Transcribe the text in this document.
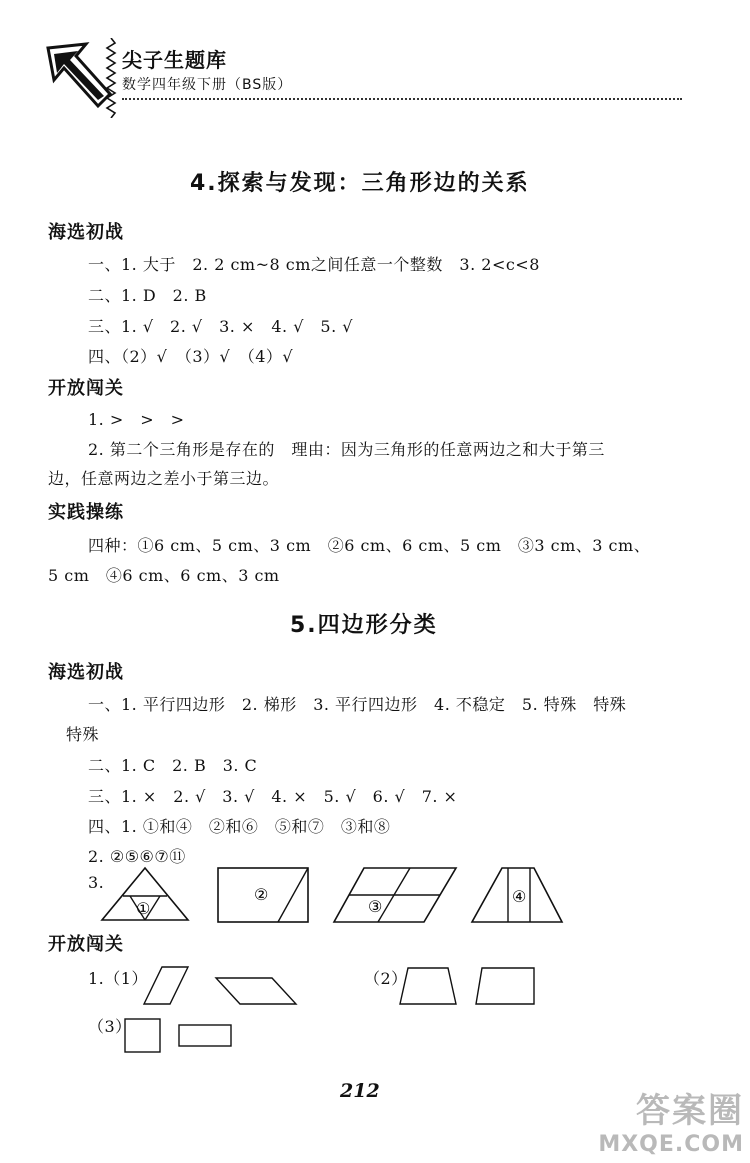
尖子生题库
数学四年级下册（BS版）
4.探索与发现：三角形边的关系
海选初战
一、1. 大于　2. 2 cm~8 cm之间任意一个整数　3. 2<c<8
二、1. D　2. B
三、1. √　2. √　3. ×　4. √　5. √
四、（2）√　（3）√　（4）√
开放闯关
1. >　>　>
2. 第二个三角形是存在的　理由：因为三角形的任意两边之和大于第三
边，任意两边之差小于第三边。
实践操练
四种：①6 cm、5 cm、3 cm　②6 cm、6 cm、5 cm　③3 cm、3 cm、
5 cm　④6 cm、6 cm、3 cm
5.四边形分类
海选初战
一、1. 平行四边形　2. 梯形　3. 平行四边形　4. 不稳定　5. 特殊　特殊
特殊
二、1. C　2. B　3. C
三、1. ×　2. √　3. √　4. ×　5. √　6. √　7. ×
四、1. ①和④　②和⑥　⑤和⑦　③和⑧
2. ②⑤⑥⑦⑪
3.
①
②
③
④
开放闯关
1.（1）	（2）
（3）
212	答案圈
MXQE.COM
